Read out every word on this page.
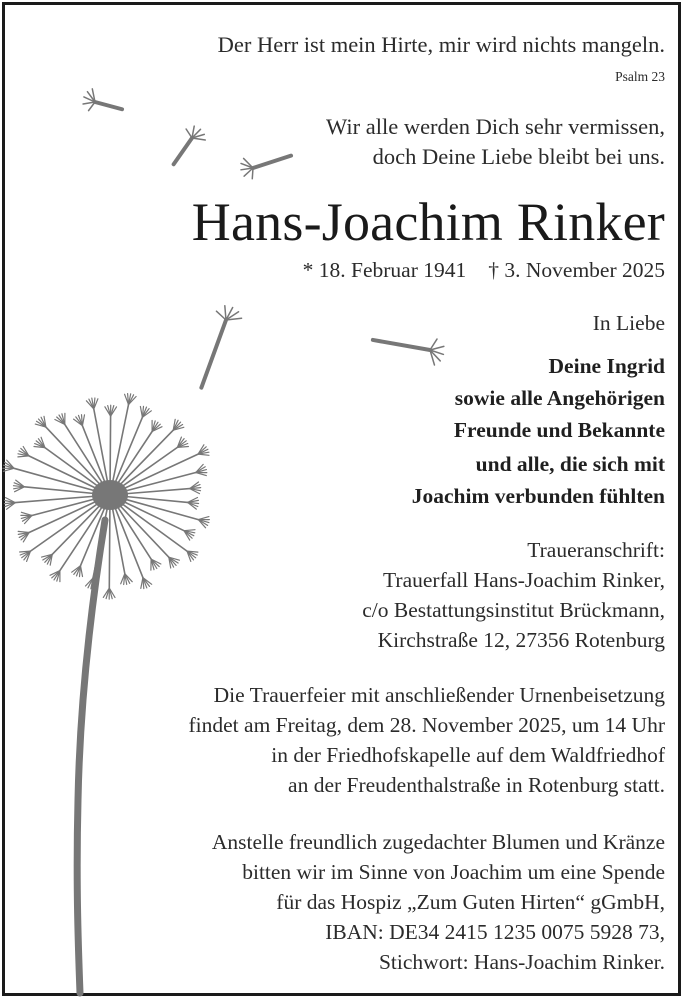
Der Herr ist mein Hirte, mir wird nichts mangeln.
Psalm 23
Wir alle werden Dich sehr vermissen,
doch Deine Liebe bleibt bei uns.
Hans-Joachim Rinker
* 18. Februar 1941 † 3. November 2025
In Liebe
Deine Ingrid
sowie alle Angehörigen
Freunde und Bekannte
und alle, die sich mit
Joachim verbunden fühlten
Traueranschrift:
Trauerfall Hans-Joachim Rinker,
c/o Bestattungsinstitut Brückmann,
Kirchstraße 12, 27356 Rotenburg
Die Trauerfeier mit anschließender Urnenbeisetzung
findet am Freitag, dem 28. November 2025, um 14 Uhr
in der Friedhofskapelle auf dem Waldfriedhof
an der Freudenthalstraße in Rotenburg statt.
Anstelle freundlich zugedachter Blumen und Kränze
bitten wir im Sinne von Joachim um eine Spende
für das Hospiz „Zum Guten Hirten“ gGmbH,
IBAN: DE34 2415 1235 0075 5928 73,
Stichwort: Hans-Joachim Rinker.
